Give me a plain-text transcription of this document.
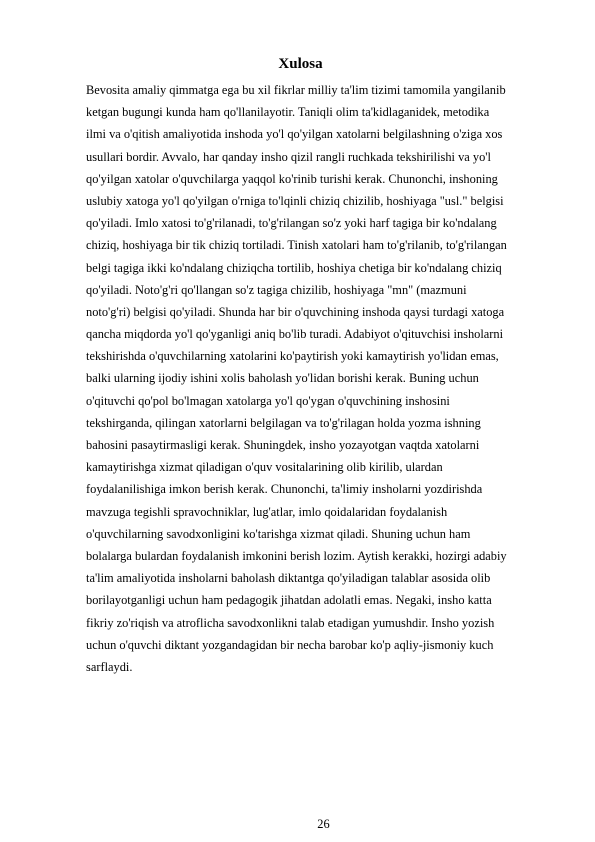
Xulosa
Bevosita amaliy qimmatga ega bu xil fikrlar milliy ta'lim tizimi tamomila yangilanib
ketgan bugungi kunda ham qo'llanilayotir. Taniqli olim ta'kidlaganidek, metodika
ilmi va o'qitish amaliyotida inshoda yo'l qo'yilgan xatolarni belgilashning o'ziga xos
usullari bordir. Avvalo, har qanday insho qizil rangli ruchkada tekshirilishi va yo'l
qo'yilgan xatolar o'quvchilarga yaqqol ko'rinib turishi kerak. Chunonchi, inshoning
uslubiy xatoga yo'l qo'yilgan o'rniga to'lqinli chiziq chizilib, hoshiyaga "usl." belgisi
qo'yiladi. Imlo xatosi to'g'rilanadi, to'g'rilangan so'z yoki harf tagiga bir ko'ndalang
chiziq, hoshiyaga bir tik chiziq tortiladi. Tinish xatolari ham to'g'rilanib, to'g'rilangan
belgi tagiga ikki ko'ndalang chiziqcha tortilib, hoshiya chetiga bir ko'ndalang chiziq
qo'yiladi. Noto'g'ri qo'llangan so'z tagiga chizilib, hoshiyaga "mn" (mazmuni
noto'g'ri) belgisi qo'yiladi. Shunda har bir o'quvchining inshoda qaysi turdagi xatoga
qancha miqdorda yo'l qo'yganligi aniq bo'lib turadi. Adabiyot o'qituvchisi insholarni
tekshirishda o'quvchilarning xatolarini ko'paytirish yoki kamaytirish yo'lidan emas,
balki ularning ijodiy ishini xolis baholash yo'lidan borishi kerak. Buning uchun
o'qituvchi qo'pol bo'lmagan xatolarga yo'l qo'ygan o'quvchining inshosini
tekshirganda, qilingan xatorlarni belgilagan va to'g'rilagan holda yozma ishning
bahosini pasaytirmasligi kerak. Shuningdek, insho yozayotgan vaqtda xatolarni
kamaytirishga xizmat qiladigan o'quv vositalarining olib kirilib, ulardan
foydalanilishiga imkon berish kerak. Chunonchi, ta'limiy insholarni yozdirishda
mavzuga tegishli spravochniklar, lug'atlar, imlo qoidalaridan foydalanish
o'quvchilarning savodxonligini ko'tarishga xizmat qiladi. Shuning uchun ham
bolalarga bulardan foydalanish imkonini berish lozim. Aytish kerakki, hozirgi adabiy
ta'lim amaliyotida insholarni baholash diktantga qo'yiladigan talablar asosida olib
borilayotganligi uchun ham pedagogik jihatdan adolatli emas. Negaki, insho katta
fikriy zo'riqish va atroflicha savodxonlikni talab etadigan yumushdir. Insho yozish
uchun o'quvchi diktant yozgandagidan bir necha barobar ko'p aqliy-jismoniy kuch
sarflaydi.
26
